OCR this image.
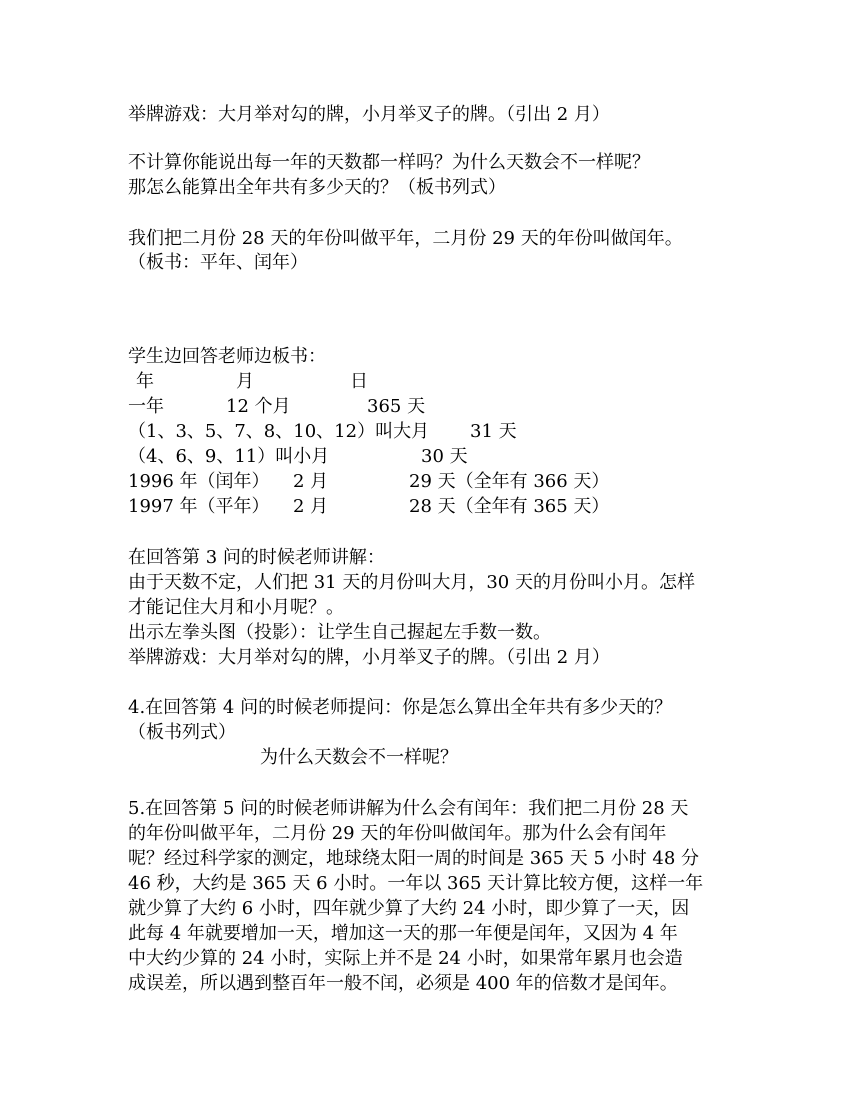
举牌游戏：大月举对勾的牌，小月举叉子的牌。（引出 2 月）
不计算你能说出每一年的天数都一样吗？为什么天数会不一样呢？
那怎么能算出全年共有多少天的？（板书列式）
我们把二月份 28 天的年份叫做平年，二月份 29 天的年份叫做闰年。
（板书：平年、闰年）
学生边回答老师边板书：
年	月	日
一年	12 个月	365 天
（1、3、5、7、8、10、12）叫大月 31 天
（4、6、9、11）叫小月	30 天
1996 年（闰年） 2 月	29 天（全年有 366 天）
1997 年（平年） 2 月	28 天（全年有 365 天）
在回答第 3 问的时候老师讲解：
由于天数不定，人们把 31 天的月份叫大月，30 天的月份叫小月。怎样
才能记住大月和小月呢？。
出示左拳头图（投影）：让学生自己握起左手数一数。
举牌游戏：大月举对勾的牌，小月举叉子的牌。（引出 2 月）
4.在回答第 4 问的时候老师提问：你是怎么算出全年共有多少天的？
（板书列式）
为什么天数会不一样呢？
5.在回答第 5 问的时候老师讲解为什么会有闰年：我们把二月份 28 天
的年份叫做平年，二月份 29 天的年份叫做闰年。那为什么会有闰年
呢？经过科学家的测定，地球绕太阳一周的时间是 365 天 5 小时 48 分
46 秒，大约是 365 天 6 小时。一年以 365 天计算比较方便，这样一年
就少算了大约 6 小时，四年就少算了大约 24 小时，即少算了一天，因
此每 4 年就要增加一天，增加这一天的那一年便是闰年，又因为 4 年
中大约少算的 24 小时，实际上并不是 24 小时，如果常年累月也会造
成误差，所以遇到整百年一般不闰，必须是 400 年的倍数才是闰年。
